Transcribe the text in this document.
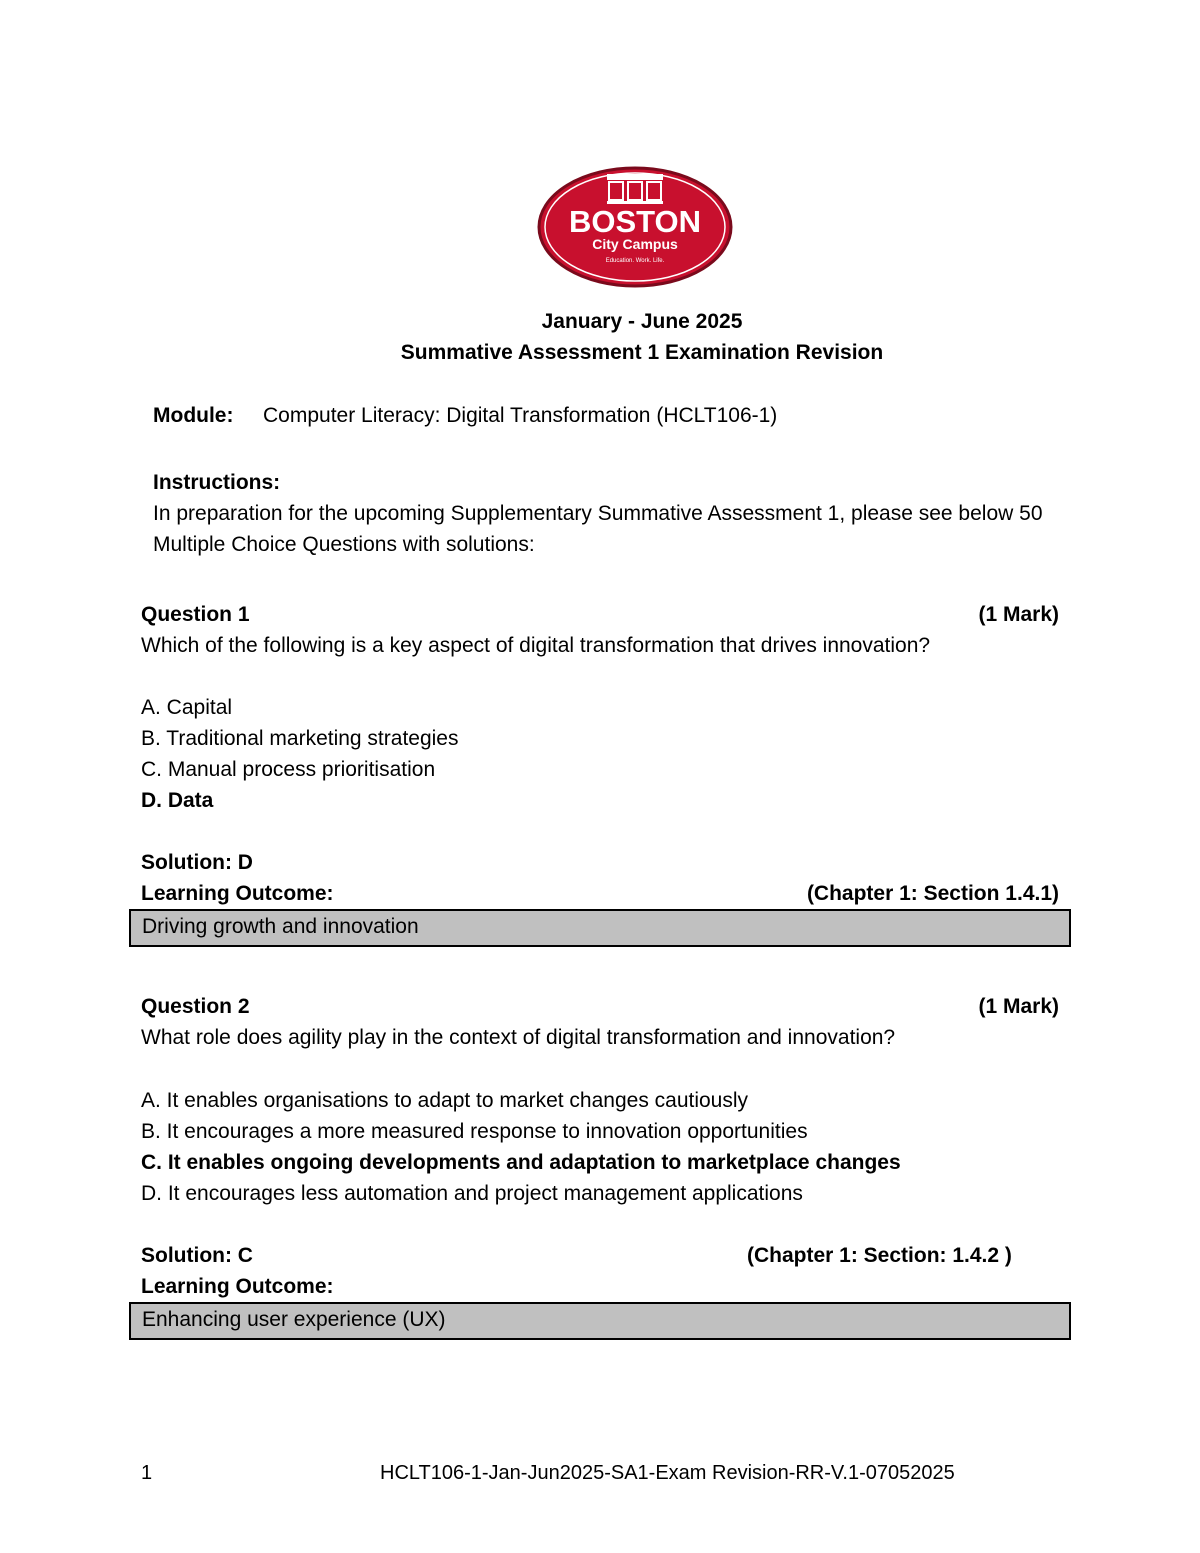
BOSTON
City Campus
Education. Work. Life.
January - June 2025
Summative Assessment 1 Examination Revision
Module: Computer Literacy: Digital Transformation (HCLT106-1)
Instructions:
In preparation for the upcoming Supplementary Summative Assessment 1, please see below 50
Multiple Choice Questions with solutions:
Question 1	(1 Mark)
Which of the following is a key aspect of digital transformation that drives innovation?
A. Capital
B. Traditional marketing strategies
C. Manual process prioritisation
D. Data
Solution: D
Learning Outcome:	(Chapter 1: Section 1.4.1)
Driving growth and innovation
Question 2	(1 Mark)
What role does agility play in the context of digital transformation and innovation?
A. It enables organisations to adapt to market changes cautiously
B. It encourages a more measured response to innovation opportunities
C. It enables ongoing developments and adaptation to marketplace changes
D. It encourages less automation and project management applications
Solution: C	(Chapter 1: Section: 1.4.2 )
Learning Outcome:
Enhancing user experience (UX)
1	HCLT106-1-Jan-Jun2025-SA1-Exam Revision-RR-V.1-07052025
